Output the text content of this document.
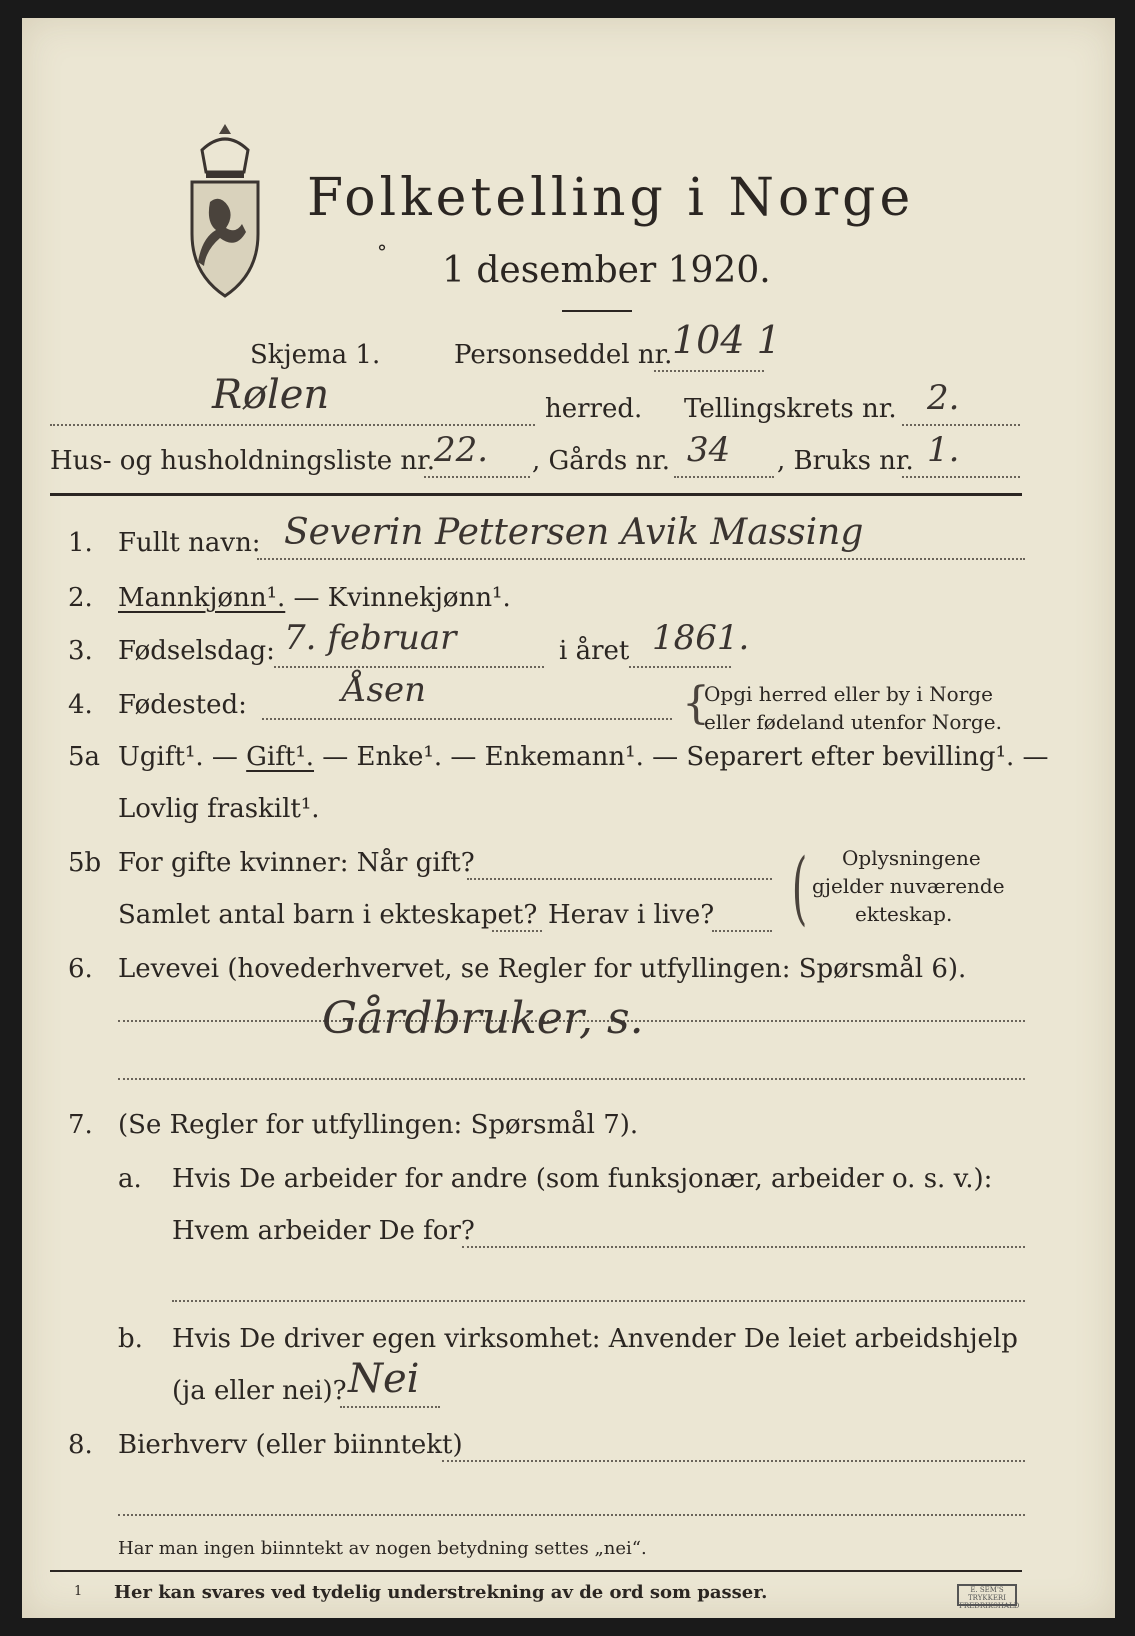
Folketelling i Norge
° 1 desember 1920.
Skjema 1.	Personseddel nr. 104 1
Rølen	herred. Tellingskrets nr. 2.
Hus- og husholdningsliste nr.
22. , Gårds nr. 34 , Bruks nr. 1.
1. Fullt navn: Severin Pettersen Avik Massing
2. Mannkjønn¹. — Kvinnekjønn¹.
3. Fødselsdag: 7. februar	i året 1861.
4. Fødested:	Åsen	{
Opgi herred eller by i Norge
eller fødeland utenfor Norge.
5a Ugift¹. — Gift¹. — Enke¹. — Enkemann¹. — Separert efter bevilling¹. —
Lovlig fraskilt¹.
5b For gifte kvinner: Når gift?
Samlet antal barn i ekteskapet? Herav i live? ( Oplysningene
gjelder nuværende
ekteskap.
6. Levevei (hovederhvervet, se Regler for utfyllingen: Spørsmål 6).
Gårdbruker, s.
7. (Se Regler for utfyllingen: Spørsmål 7).
a. Hvis De arbeider for andre (som funksjonær, arbeider o. s. v.):
Hvem arbeider De for?
b. Hvis De driver egen virksomhet: Anvender De leiet arbeidshjelp
(ja eller nei)? Nei
8. Bierhverv (eller biinntekt)
Har man ingen biinntekt av nogen betydning settes „nei“.
1 Her kan svares ved tydelig understrekning av de ord som passer.	E. SEM'S TRYKKERI FREDRIKSHALD
